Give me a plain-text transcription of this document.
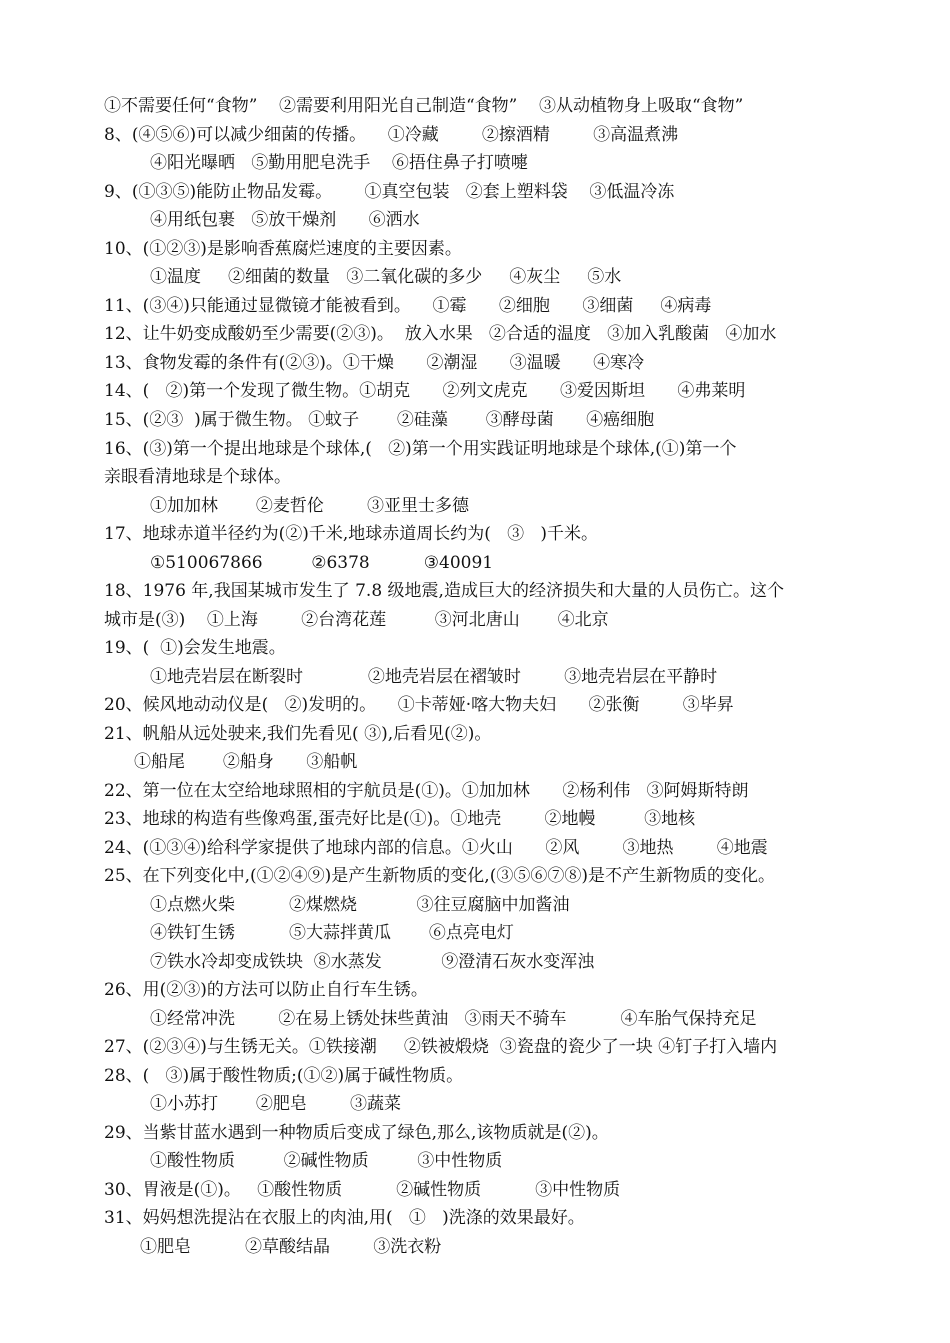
①不需要任何“食物”    ②需要利用阳光自己制造“食物”    ③从动植物身上吸取“食物”
8、(④⑤⑥)可以减少细菌的传播。    ①冷藏        ②擦酒精        ③高温煮沸
④阳光曝晒   ⑤勤用肥皂洗手    ⑥捂住鼻子打喷嚏
9、(①③⑤)能防止物品发霉。      ①真空包装   ②套上塑料袋    ③低温冷冻
④用纸包裹   ⑤放干燥剂      ⑥洒水
10、(①②③)是影响香蕉腐烂速度的主要因素。
①温度     ②细菌的数量   ③二氧化碳的多少     ④灰尘     ⑤水
11、(③④)只能通过显微镜才能被看到。    ①霉      ②细胞      ③细菌     ④病毒
12、让牛奶变成酸奶至少需要(②③)。  放入水果   ②合适的温度   ③加入乳酸菌   ④加水
13、食物发霉的条件有(②③)。①干燥      ②潮湿      ③温暖      ④寒冷
14、(   ②)第一个发现了微生物。①胡克      ②列文虎克      ③爱因斯坦      ④弗莱明
15、(②③  )属于微生物。 ①蚊子       ②硅藻       ③酵母菌      ④癌细胞
16、(③)第一个提出地球是个球体,(   ②)第一个用实践证明地球是个球体,(①)第一个
亲眼看清地球是个球体。
①加加林       ②麦哲伦        ③亚里士多德
17、地球赤道半径约为(②)千米,地球赤道周长约为(   ③   )千米。
①510067866         ②6378          ③40091
18、1976 年,我国某城市发生了 7.8 级地震,造成巨大的经济损失和大量的人员伤亡。这个
城市是(③)    ①上海        ②台湾花莲         ③河北唐山       ④北京
19、(  ①)会发生地震。
①地壳岩层在断裂时            ②地壳岩层在褶皱时        ③地壳岩层在平静时
20、候风地动动仪是(   ②)发明的。    ①卡蒂娅·喀大物夫妇      ②张衡        ③毕昇
21、帆船从远处驶来,我们先看见( ③),后看见(②)。
①船尾       ②船身      ③船帆
22、第一位在太空给地球照相的宇航员是(①)。①加加林      ②杨利伟   ③阿姆斯特朗
23、地球的构造有些像鸡蛋,蛋壳好比是(①)。①地壳        ②地幔         ③地核
24、(①③④)给科学家提供了地球内部的信息。①火山      ②风        ③地热        ④地震
25、在下列变化中,(①②④⑨)是产生新物质的变化,(③⑤⑥⑦⑧)是不产生新物质的变化。
①点燃火柴          ②煤燃烧           ③往豆腐脑中加酱油
④铁钉生锈          ⑤大蒜拌黄瓜       ⑥点亮电灯
⑦铁水冷却变成铁块  ⑧水蒸发           ⑨澄清石灰水变浑浊
26、用(②③)的方法可以防止自行车生锈。
①经常冲洗        ②在易上锈处抹些黄油   ③雨天不骑车          ④车胎气保持充足
27、(②③④)与生锈无关。①铁接潮     ②铁被煅烧  ③瓷盘的瓷少了一块 ④钉子打入墙内
28、(   ③)属于酸性物质;(①②)属于碱性物质。
①小苏打       ②肥皂        ③蔬菜
29、当紫甘蓝水遇到一种物质后变成了绿色,那么,该物质就是(②)。
①酸性物质         ②碱性物质         ③中性物质
30、胃液是(①)。   ①酸性物质          ②碱性物质          ③中性物质
31、妈妈想洗提沾在衣服上的肉油,用(   ①   )洗涤的效果最好。
①肥皂          ②草酸结晶        ③洗衣粉
